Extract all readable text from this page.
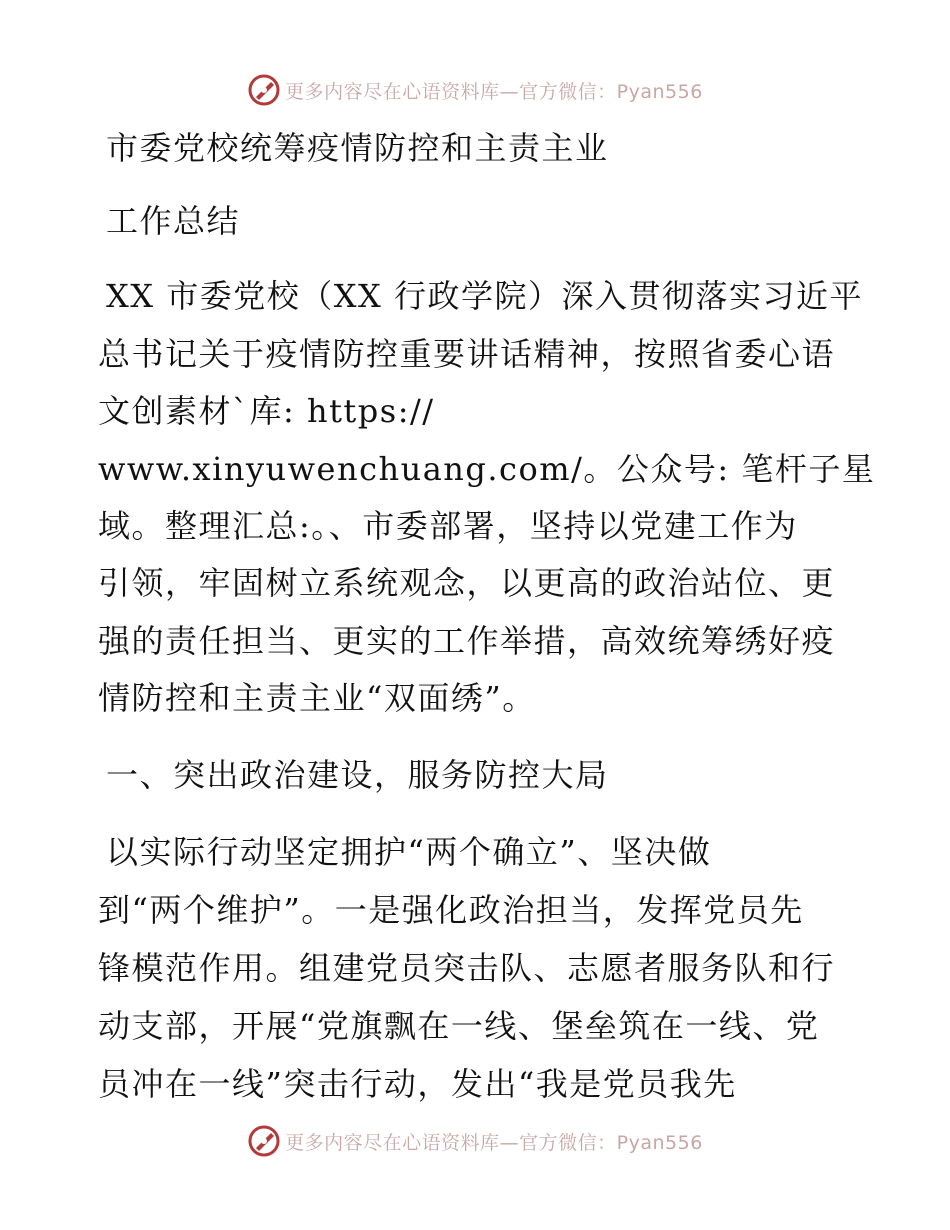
更多内容尽在心语资料库—官方微信：Pyan556
市委党校统筹疫情防控和主责主业
工作总结
XX 市委党校（XX 行政学院）深入贯彻落实习近平
总书记关于疫情防控重要讲话精神，按照省委心语
文创素材`库: https://
www.xinyuwenchuang.com/。公众号: 笔杆子星
域。整理汇总:。、市委部署，坚持以党建工作为
引领，牢固树立系统观念，以更高的政治站位、更
强的责任担当、更实的工作举措，高效统筹绣好疫
情防控和主责主业“双面绣”。
一、突出政治建设，服务防控大局
以实际行动坚定拥护“两个确立”、坚决做
到“两个维护”。一是强化政治担当，发挥党员先
锋模范作用。组建党员突击队、志愿者服务队和行
动支部，开展“党旗飘在一线、堡垒筑在一线、党
员冲在一线”突击行动，发出“我是党员我先
更多内容尽在心语资料库—官方微信：Pyan556
